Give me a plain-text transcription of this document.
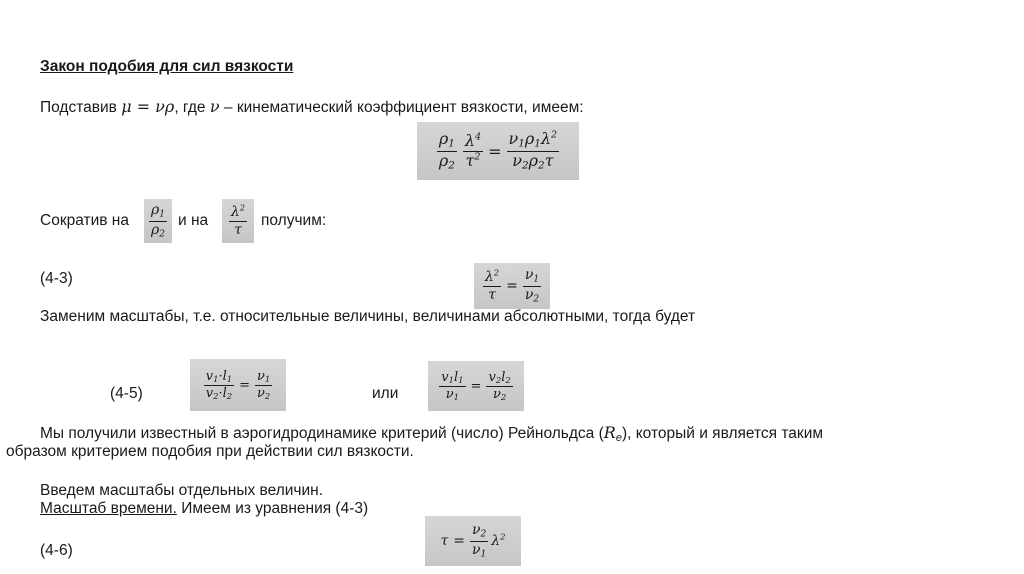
Закон подобия для сил вязкости
Подставив μ = νρ, где ν – кинематический коэффициент вязкости, имеем:
$\frac{\rho 1}{\rho 2} \frac{\lambda^4}{\tau^2} = \frac{\nu 1\rho 1\lambda^2}{\nu 2\rho 2\tau}$
Сократив на $\frac{\rho 1}{\rho 2}$ и на $\frac{\lambda^2}{\tau}$ получим:
(4-3)	$\frac{\lambda^2}{\tau} = \frac{\nu 1}{\nu 2}$
Заменим масштабы, т.е. относительные величины, величинами абсолютными, тогда будет
(4-5)	$\frac{v1\cdot l1}{v2\cdot l2} = \frac{\nu 1}{\nu 2}$	или	$\frac{v1l1}{\nu 1} = \frac{v2l2}{\nu 2}$
Мы получили известный в аэрогидродинамике критерий (число) Рейнольдса $(R_e)$, который и является таким
образом критерием подобия при действии сил вязкости.
Введем масштабы отдельных величин.
Масштаб времени. Имеем из уравнения (4-3)
(4-6)
$\tau = \frac{\nu 2}{\nu 1} \lambda^2$
